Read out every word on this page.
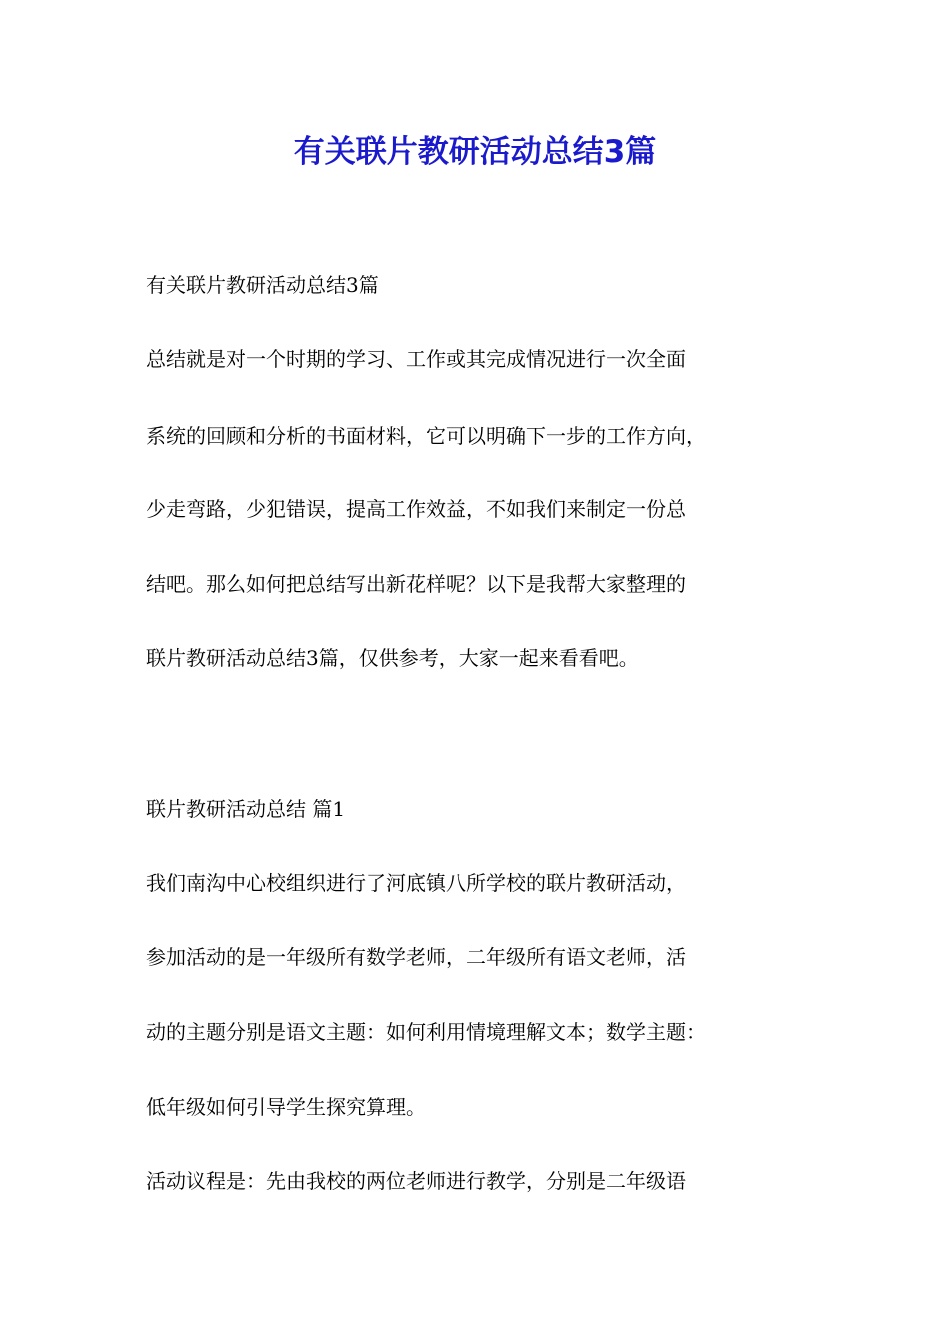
有关联片教研活动总结3篇

有关联片教研活动总结3篇

总结就是对一个时期的学习、工作或其完成情况进行一次全面

系统的回顾和分析的书面材料，它可以明确下一步的工作方向，

少走弯路，少犯错误，提高工作效益，不如我们来制定一份总

结吧。那么如何把总结写出新花样呢？以下是我帮大家整理的

联片教研活动总结3篇，仅供参考，大家一起来看看吧。

联片教研活动总结 篇1

我们南沟中心校组织进行了河底镇八所学校的联片教研活动，

参加活动的是一年级所有数学老师，二年级所有语文老师，活

动的主题分别是语文主题：如何利用情境理解文本；数学主题：

低年级如何引导学生探究算理。

活动议程是：先由我校的两位老师进行教学，分别是二年级语
